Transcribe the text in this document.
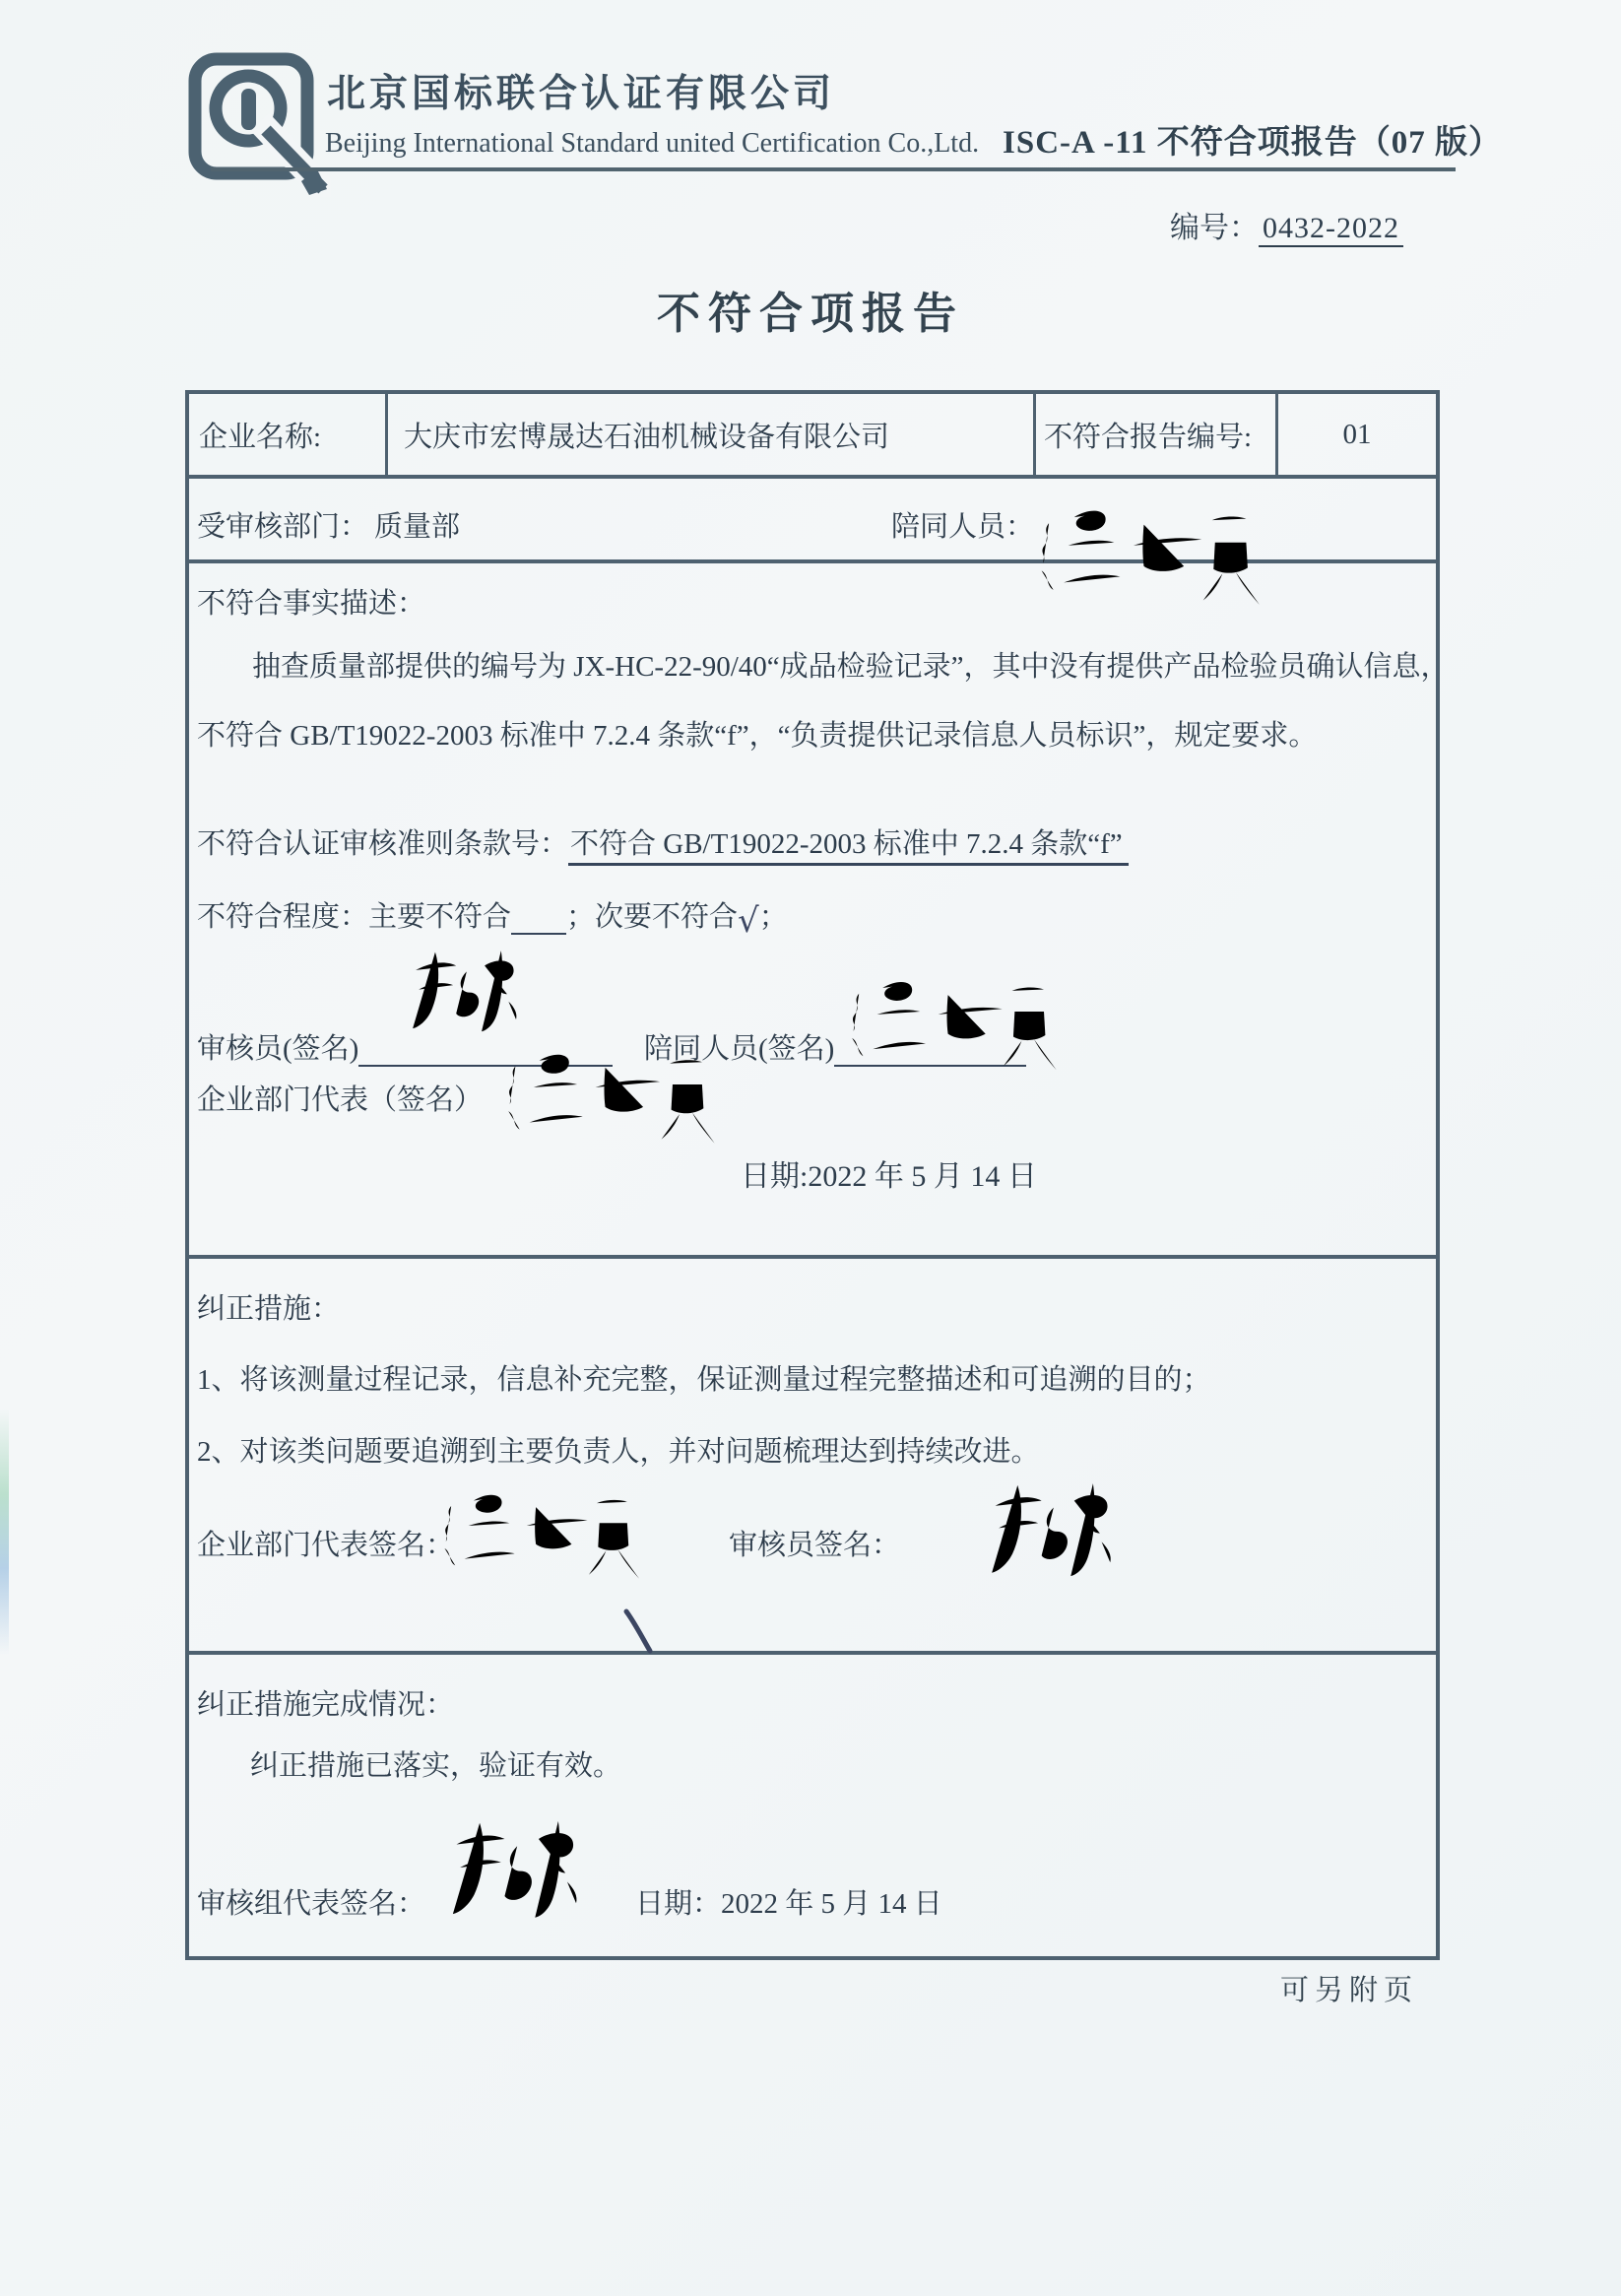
北京国标联合认证有限公司
Beijing International Standard united Certification Co.,Ltd. ISC-A -11 不符合项报告（07 版）
编号： 0432-2022
不符合项报告
企业名称:	大庆市宏博晟达石油机械设备有限公司	不符合报告编号:	01
受审核部门： 质量部	陪同人员：
不符合事实描述：
抽查质量部提供的编号为 JX-HC-22-90/40“成品检验记录”，其中没有提供产品检验员确认信息，
不符合 GB/T19022-2003 标准中 7.2.4 条款“f”，“负责提供记录信息人员标识”，规定要求。
不符合认证审核准则条款号：不符合 GB/T19022-2003 标准中 7.2.4 条款“f”
不符合程度：主要不符合 ；次要不符合√；
审核员(签名)	陪同人员(签名)
企业部门代表（签名）
日期:2022 年 5 月 14 日
纠正措施：
1、将该测量过程记录，信息补充完整，保证测量过程完整描述和可追溯的目的；
2、对该类问题要追溯到主要负责人，并对问题梳理达到持续改进。
企业部门代表签名：	审核员签名：
纠正措施完成情况：
纠正措施已落实，验证有效。
审核组代表签名：	日期：2022 年 5 月 14 日
可另附页
